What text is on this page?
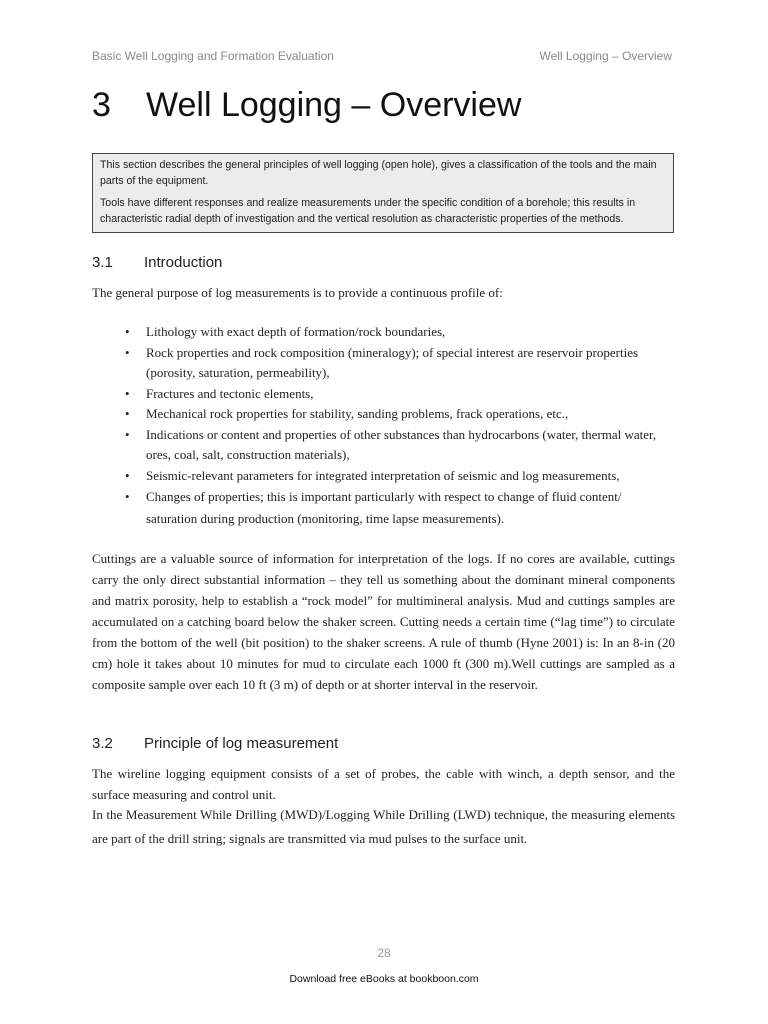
Basic Well Logging and Formation Evaluation	Well Logging – Overview
3 Well Logging – Overview

This section describes the general principles of well logging (open hole), gives a classification of the tools and the main parts of the equipment.

Tools have different responses and realize measurements under the specific condition of a borehole; this results in characteristic radial depth of investigation and the vertical resolution as characteristic properties of the methods.

3.1 Introduction

The general purpose of log measurements is to provide a continuous profile of:

• Lithology with exact depth of formation/rock boundaries,
• Rock properties and rock composition (mineralogy); of special interest are reservoir properties (porosity, saturation, permeability),
• Fractures and tectonic elements,
• Mechanical rock properties for stability, sanding problems, frack operations, etc.,
• Indications or content and properties of other substances than hydrocarbons (water, thermal water, ores, coal, salt, construction materials),
• Seismic-relevant parameters for integrated interpretation of seismic and log measurements,
• Changes of properties; this is important particularly with respect to change of fluid content/ saturation during production (monitoring, time lapse measurements).

Cuttings are a valuable source of information for interpretation of the logs. If no cores are available, cuttings carry the only direct substantial information – they tell us something about the dominant mineral components and matrix porosity, help to establish a “rock model” for multimineral analysis. Mud and cuttings samples are accumulated on a catching board below the shaker screen. Cutting needs a certain time (“lag time”) to circulate from the bottom of the well (bit position) to the shaker screens. A rule of thumb (Hyne 2001) is: In an 8-in (20 cm) hole it takes about 10 minutes for mud to circulate each 1000 ft (300 m).Well cuttings are sampled as a composite sample over each 10 ft (3 m) of depth or at shorter interval in the reservoir.

3.2 Principle of log measurement

The wireline logging equipment consists of a set of probes, the cable with winch, a depth sensor, and the surface measuring and control unit.

In the Measurement While Drilling (MWD)/Logging While Drilling (LWD) technique, the measuring elements are part of the drill string; signals are transmitted via mud pulses to the surface unit.

28
Download free eBooks at bookboon.com
